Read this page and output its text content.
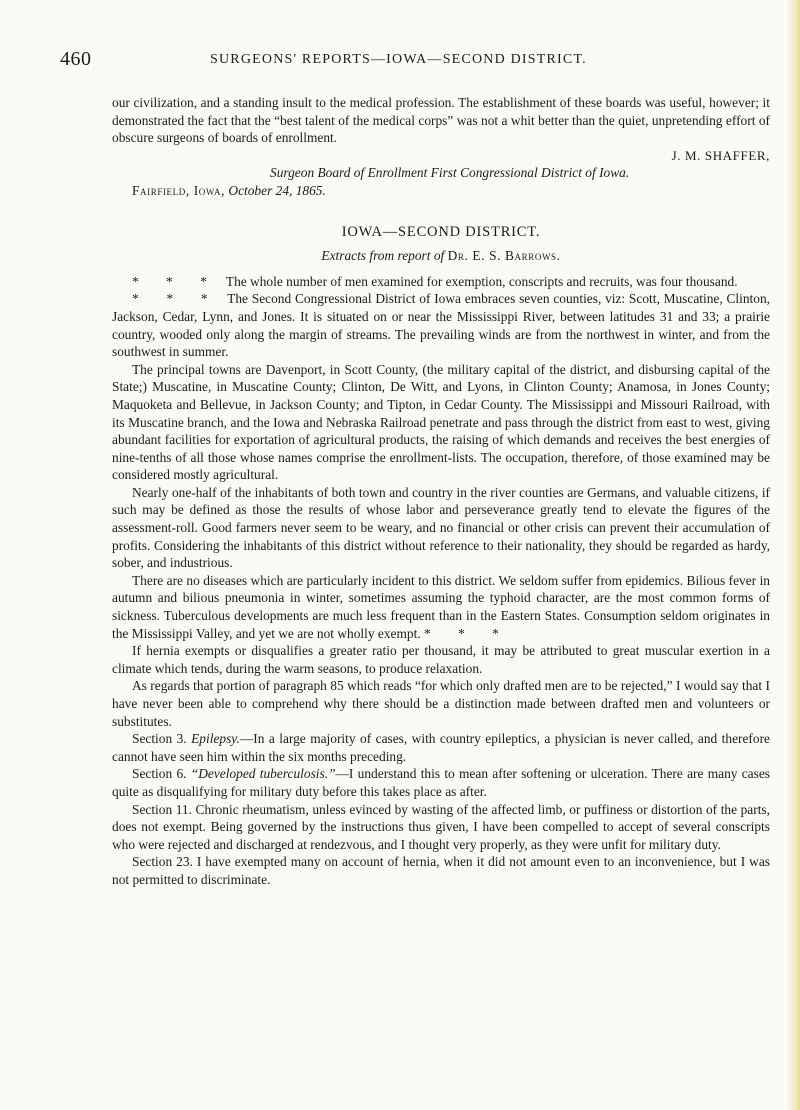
460	SURGEONS' REPORTS—IOWA—SECOND DISTRICT.

our civilization, and a standing insult to the medical profession. The establishment of these boards was useful, however; it demonstrated the fact that the “best talent of the medical corps” was not a whit better than the quiet, unpretending effort of obscure surgeons of boards of enrollment.

J. M. SHAFFER,

Surgeon Board of Enrollment First Congressional District of Iowa.

Fairfield, Iowa, October 24, 1865.

IOWA—SECOND DISTRICT.
Extracts from report of Dr. E. S. Barrows.

* * * The whole number of men examined for exemption, conscripts and recruits, was four thousand.

* * * The Second Congressional District of Iowa embraces seven counties, viz: Scott, Muscatine, Clinton, Jackson, Cedar, Lynn, and Jones. It is situated on or near the Mississippi River, between latitudes 31 and 33; a prairie country, wooded only along the margin of streams. The prevailing winds are from the northwest in winter, and from the southwest in summer.

The principal towns are Davenport, in Scott County, (the military capital of the district, and disbursing capital of the State;) Muscatine, in Muscatine County; Clinton, De Witt, and Lyons, in Clinton County; Anamosa, in Jones County; Maquoketa and Bellevue, in Jackson County; and Tipton, in Cedar County. The Mississippi and Missouri Railroad, with its Muscatine branch, and the Iowa and Nebraska Railroad penetrate and pass through the district from east to west, giving abundant facilities for exportation of agricultural products, the raising of which demands and receives the best energies of nine-tenths of all those whose names comprise the enrollment-lists. The occupation, therefore, of those examined may be considered mostly agricultural.

Nearly one-half of the inhabitants of both town and country in the river counties are Germans, and valuable citizens, if such may be defined as those the results of whose labor and perseverance greatly tend to elevate the figures of the assessment-roll. Good farmers never seem to be weary, and no financial or other crisis can prevent their accumulation of profits. Considering the inhabitants of this district without reference to their nationality, they should be regarded as hardy, sober, and industrious.

There are no diseases which are particularly incident to this district. We seldom suffer from epidemics. Bilious fever in autumn and bilious pneumonia in winter, sometimes assuming the typhoid character, are the most common forms of sickness. Tuberculous developments are much less frequent than in the Eastern States. Consumption seldom originates in the Mississippi Valley, and yet we are not wholly exempt. * * *

If hernia exempts or disqualifies a greater ratio per thousand, it may be attributed to great muscular exertion in a climate which tends, during the warm seasons, to produce relaxation.

As regards that portion of paragraph 85 which reads “for which only drafted men are to be rejected,” I would say that I have never been able to comprehend why there should be a distinction made between drafted men and volunteers or substitutes.

Section 3. Epilepsy.—In a large majority of cases, with country epileptics, a physician is never called, and therefore cannot have seen him within the six months preceding.

Section 6. “Developed tuberculosis.”—I understand this to mean after softening or ulceration. There are many cases quite as disqualifying for military duty before this takes place as after.

Section 11. Chronic rheumatism, unless evinced by wasting of the affected limb, or puffiness or distortion of the parts, does not exempt. Being governed by the instructions thus given, I have been compelled to accept of several conscripts who were rejected and discharged at rendezvous, and I thought very properly, as they were unfit for military duty.

Section 23. I have exempted many on account of hernia, when it did not amount even to an inconvenience, but I was not permitted to discriminate.
